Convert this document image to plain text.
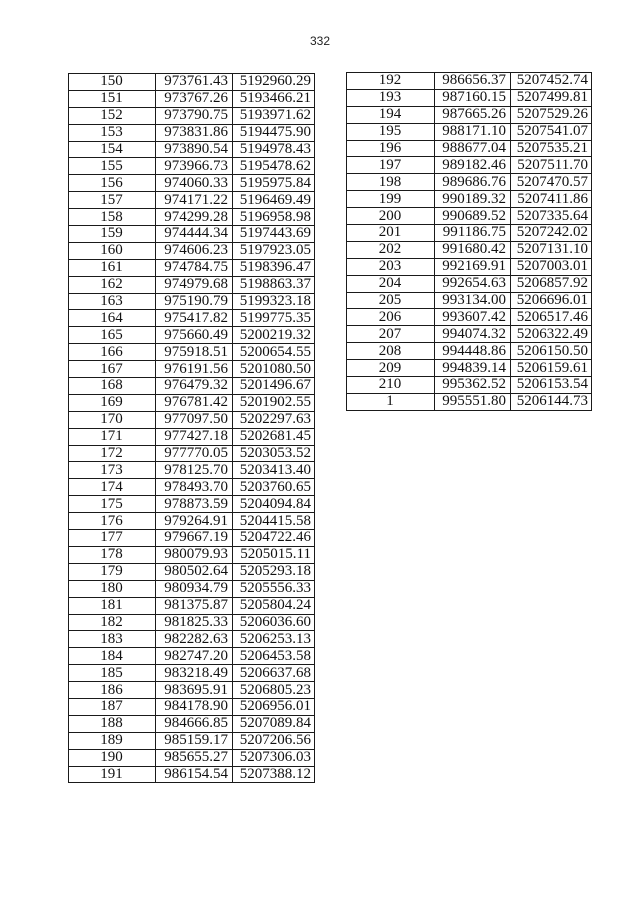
332
150	973761.43	5192960.29
151	973767.26	5193466.21
152	973790.75	5193971.62
153	973831.86	5194475.90
154	973890.54	5194978.43
155	973966.73	5195478.62
156	974060.33	5195975.84
157	974171.22	5196469.49
158	974299.28	5196958.98
159	974444.34	5197443.69
160	974606.23	5197923.05
161	974784.75	5198396.47
162	974979.68	5198863.37
163	975190.79	5199323.18
164	975417.82	5199775.35
165	975660.49	5200219.32
166	975918.51	5200654.55
167	976191.56	5201080.50
168	976479.32	5201496.67
169	976781.42	5201902.55
170	977097.50	5202297.63
171	977427.18	5202681.45
172	977770.05	5203053.52
173	978125.70	5203413.40
174	978493.70	5203760.65
175	978873.59	5204094.84
176	979264.91	5204415.58
177	979667.19	5204722.46
178	980079.93	5205015.11
179	980502.64	5205293.18
180	980934.79	5205556.33
181	981375.87	5205804.24
182	981825.33	5206036.60
183	982282.63	5206253.13
184	982747.20	5206453.58
185	983218.49	5206637.68
186	983695.91	5206805.23
187	984178.90	5206956.01
188	984666.85	5207089.84
189	985159.17	5207206.56
190	985655.27	5207306.03
191	986154.54	5207388.12
192	986656.37	5207452.74
193	987160.15	5207499.81
194	987665.26	5207529.26
195	988171.10	5207541.07
196	988677.04	5207535.21
197	989182.46	5207511.70
198	989686.76	5207470.57
199	990189.32	5207411.86
200	990689.52	5207335.64
201	991186.75	5207242.02
202	991680.42	5207131.10
203	992169.91	5207003.01
204	992654.63	5206857.92
205	993134.00	5206696.01
206	993607.42	5206517.46
207	994074.32	5206322.49
208	994448.86	5206150.50
209	994839.14	5206159.61
210	995362.52	5206153.54
1	995551.80	5206144.73
